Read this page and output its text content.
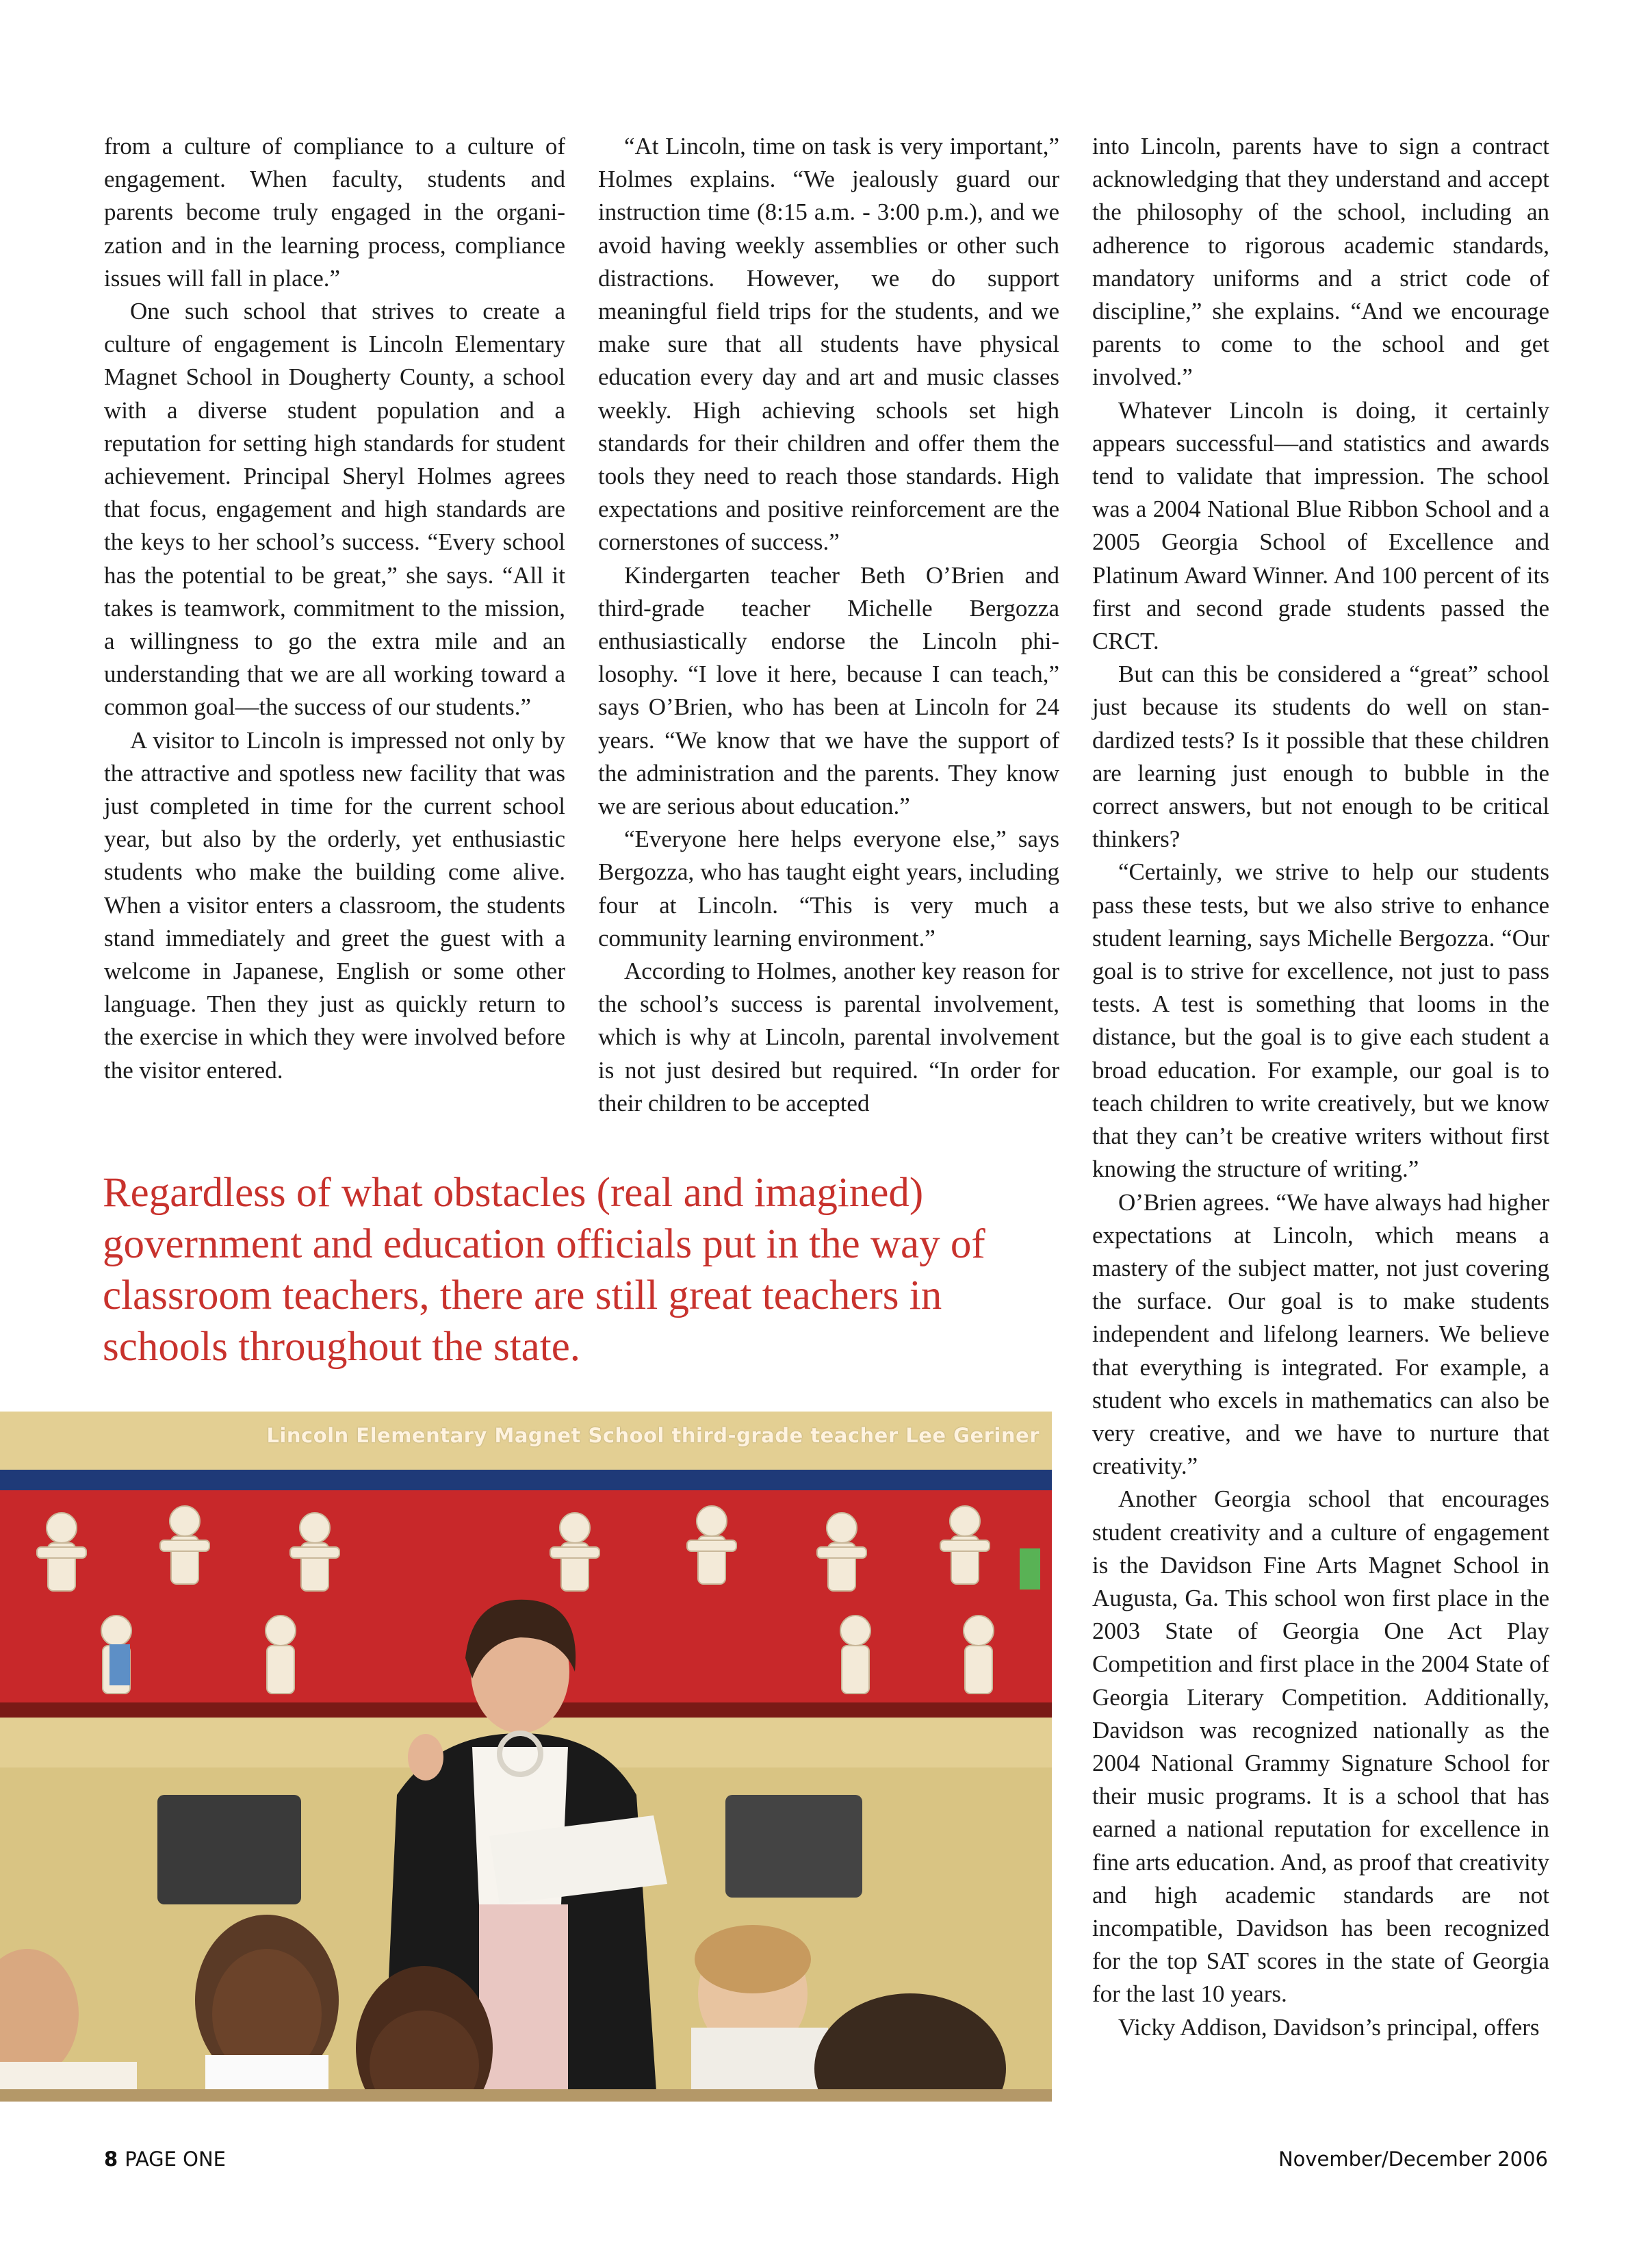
from a culture of compliance to a culture of engagement. When faculty, students and parents become truly engaged in the organization and in the learning process, compliance issues will fall in place.”

One such school that strives to create a culture of engagement is Lincoln Elementary Magnet School in Dougherty County, a school with a diverse student population and a reputation for setting high standards for student achievement. Principal Sheryl Holmes agrees that focus, engagement and high standards are the keys to her school’s success. “Every school has the potential to be great,” she says. “All it takes is teamwork, commitment to the mission, a willingness to go the extra mile and an understanding that we are all working toward a common goal—the success of our students.”

A visitor to Lincoln is impressed not only by the attractive and spotless new facility that was just completed in time for the current school year, but also by the orderly, yet enthusiastic students who make the building come alive. When a visitor enters a classroom, the students stand immediately and greet the guest with a welcome in Japanese, English or some other language. Then they just as quickly return to the exercise in which they were involved before the visitor entered.

“At Lincoln, time on task is very important,” Holmes explains. “We jealously guard our instruction time (8:15 a.m. - 3:00 p.m.), and we avoid having weekly assemblies or other such distractions. However, we do support meaningful field trips for the students, and we make sure that all students have physical education every day and art and music classes weekly. High achieving schools set high standards for their children and offer them the tools they need to reach those standards. High expectations and positive reinforcement are the cornerstones of success.”

Kindergarten teacher Beth O’Brien and third-grade teacher Michelle Bergozza enthusiastically endorse the Lincoln philosophy. “I love it here, because I can teach,” says O’Brien, who has been at Lincoln for 24 years. “We know that we have the support of the administration and the parents. They know we are serious about education.”

“Everyone here helps everyone else,” says Bergozza, who has taught eight years, including four at Lincoln. “This is very much a community learning environment.”

According to Holmes, another key reason for the school’s success is parental involvement, which is why at Lincoln, parental involvement is not just desired but required. “In order for their children to be accepted

into Lincoln, parents have to sign a contract acknowledging that they understand and accept the philosophy of the school, including an adherence to rigorous academic standards, mandatory uniforms and a strict code of discipline,” she explains. “And we encourage parents to come to the school and get involved.”

Whatever Lincoln is doing, it certainly appears successful—and statistics and awards tend to validate that impression. The school was a 2004 National Blue Ribbon School and a 2005 Georgia School of Excellence and Platinum Award Winner. And 100 percent of its first and second grade students passed the CRCT.

But can this be considered a “great” school just because its students do well on standardized tests? Is it possible that these children are learning just enough to bubble in the correct answers, but not enough to be critical thinkers?

“Certainly, we strive to help our students pass these tests, but we also strive to enhance student learning, says Michelle Bergozza. “Our goal is to strive for excellence, not just to pass tests. A test is something that looms in the distance, but the goal is to give each student a broad education. For example, our goal is to teach children to write creatively, but we know that they can’t be creative writers without first knowing the structure of writing.”

O’Brien agrees. “We have always had higher expectations at Lincoln, which means a mastery of the subject matter, not just covering the surface. Our goal is to make students independent and lifelong learners. We believe that everything is integrated. For example, a student who excels in mathematics can also be very creative, and we have to nurture that creativity.”

Another Georgia school that encourages student creativity and a culture of engagement is the Davidson Fine Arts Magnet School in Augusta, Ga. This school won first place in the 2003 State of Georgia One Act Play Competition and first place in the 2004 State of Georgia Literary Competition. Additionally, Davidson was recognized nationally as the 2004 National Grammy Signature School for their music programs. It is a school that has earned a national reputation for excellence in fine arts education. And, as proof that creativity and high academic standards are not incompatible, Davidson has been recognized for the top SAT scores in the state of Georgia for the last 10 years.

Vicky Addison, Davidson’s principal, offers

Regardless of what obstacles (real and imagined) government and education officials put in the way of classroom teachers, there are still great teachers in schools throughout the state.

Lincoln Elementary Magnet School third-grade teacher Lee Geriner
8 PAGE ONE	November/December 2006
